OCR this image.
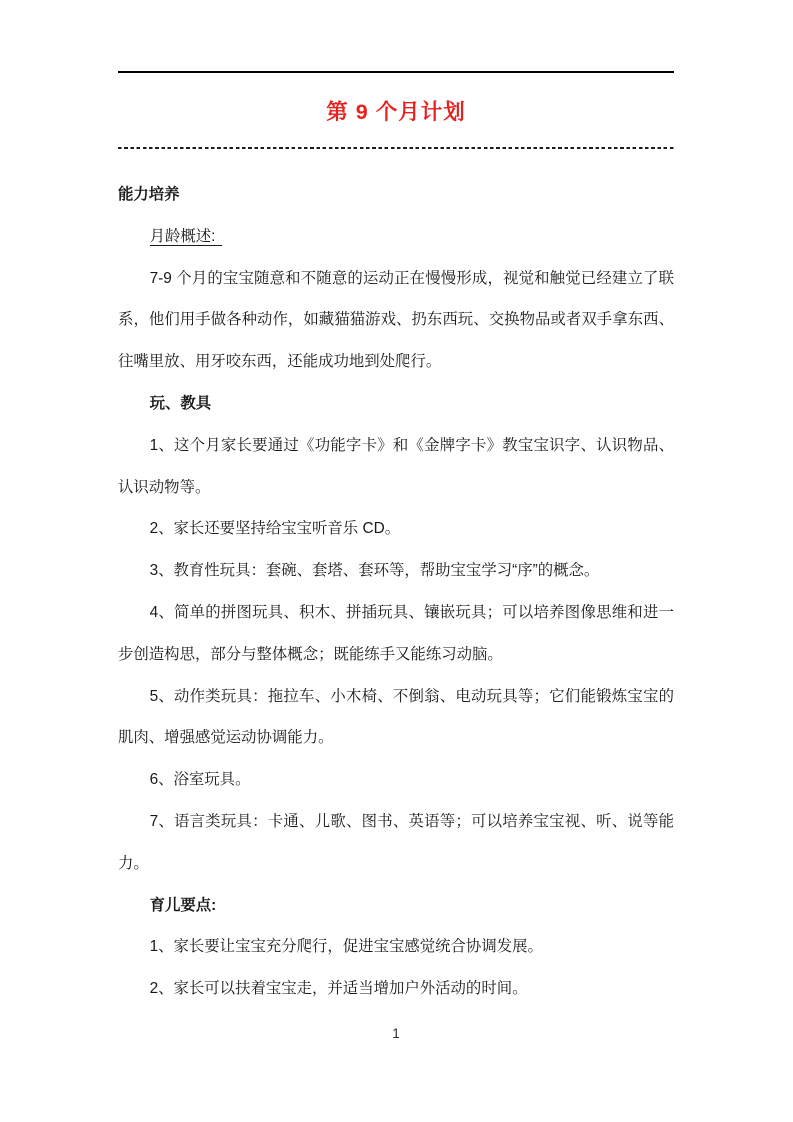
第 9 个月计划

能力培养

月龄概述:

7-9 个月的宝宝随意和不随意的运动正在慢慢形成，视觉和触觉已经建立了联系，他们用手做各种动作，如藏猫猫游戏、扔东西玩、交换物品或者双手拿东西、往嘴里放、用牙咬东西，还能成功地到处爬行。

玩、教具

1、这个月家长要通过《功能字卡》和《金牌字卡》教宝宝识字、认识物品、认识动物等。

2、家长还要坚持给宝宝听音乐 CD。

3、教育性玩具：套碗、套塔、套环等，帮助宝宝学习“序”的概念。

4、简单的拼图玩具、积木、拼插玩具、镶嵌玩具；可以培养图像思维和进一步创造构思，部分与整体概念；既能练手又能练习动脑。

5、动作类玩具：拖拉车、小木椅、不倒翁、电动玩具等；它们能锻炼宝宝的肌肉、增强感觉运动协调能力。

6、浴室玩具。

7、语言类玩具：卡通、儿歌、图书、英语等；可以培养宝宝视、听、说等能力。

育儿要点:

1、家长要让宝宝充分爬行，促进宝宝感觉统合协调发展。

2、家长可以扶着宝宝走，并适当增加户外活动的时间。

1
